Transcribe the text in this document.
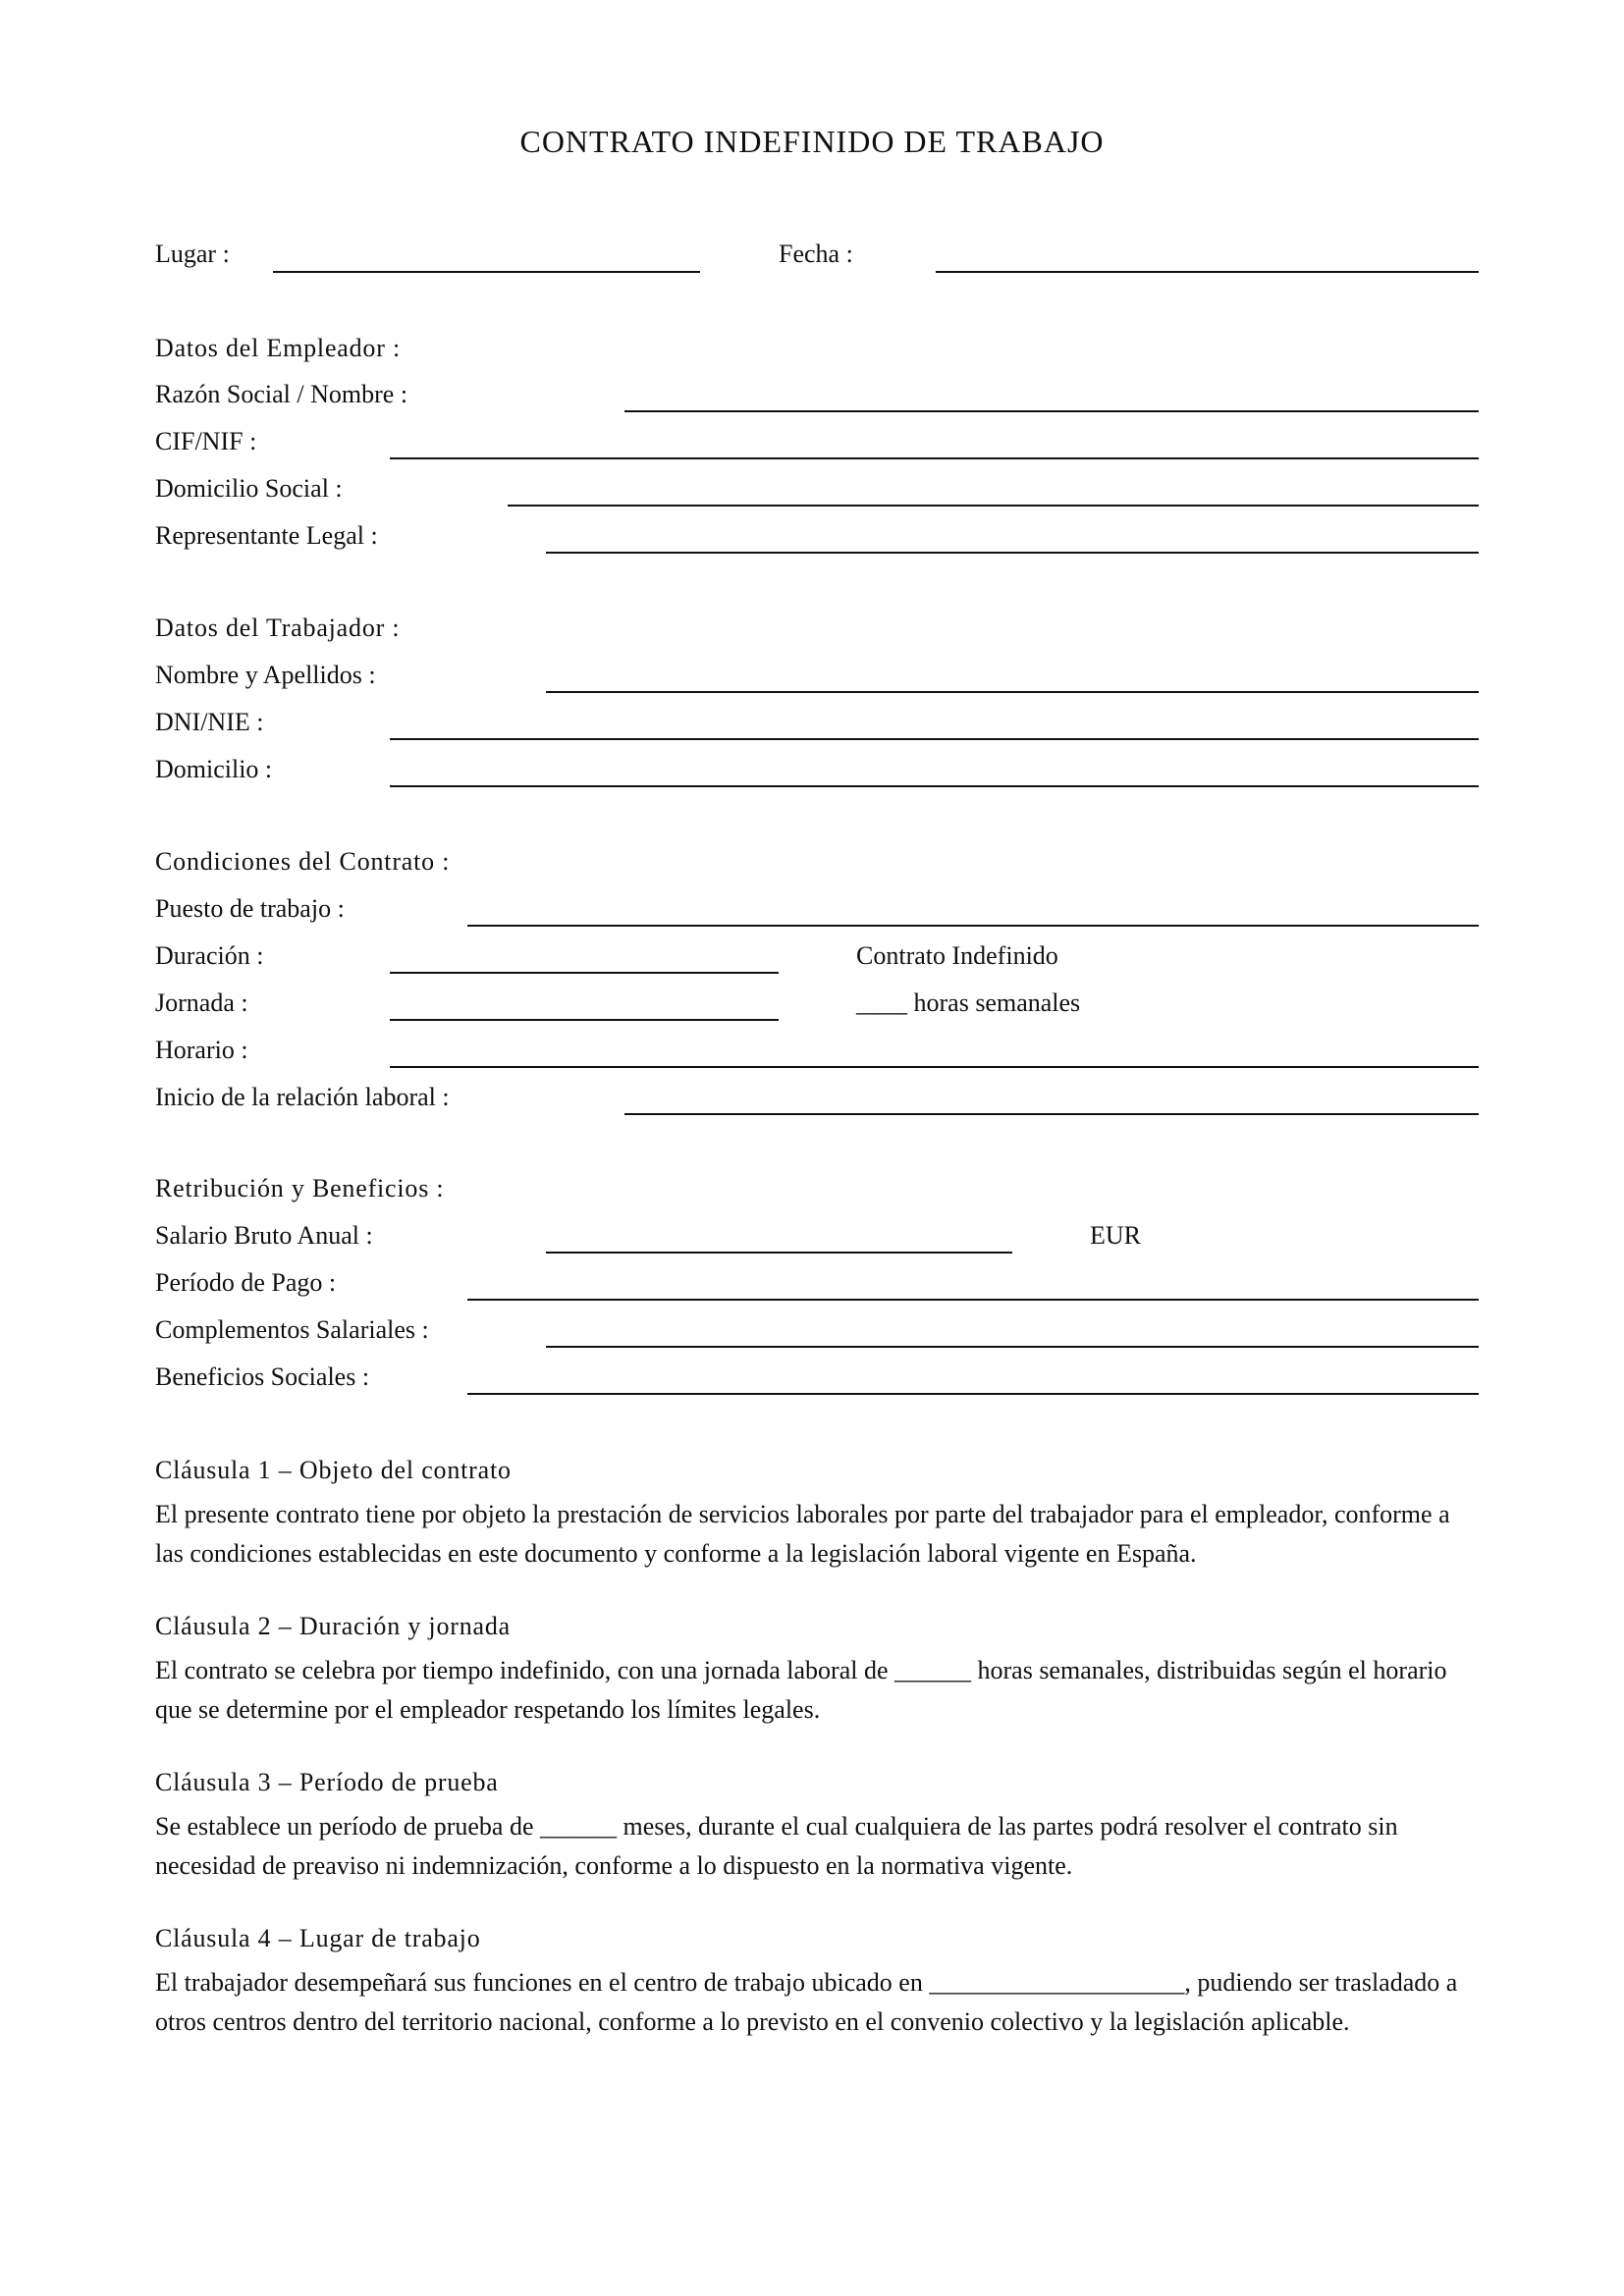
CONTRATO INDEFINIDO DE TRABAJO
Lugar :	Fecha :
Datos del Empleador :
Razón Social / Nombre :
CIF/NIF :
Domicilio Social :
Representante Legal :
Datos del Trabajador :
Nombre y Apellidos :
DNI/NIE :
Domicilio :
Condiciones del Contrato :
Puesto de trabajo :
Duración :	Contrato Indefinido
Jornada :	____ horas semanales
Horario :
Inicio de la relación laboral :
Retribución y Beneficios :
Salario Bruto Anual :	EUR
Período de Pago :
Complementos Salariales :
Beneficios Sociales :
Cláusula 1 – Objeto del contrato

El presente contrato tiene por objeto la prestación de servicios laborales por parte del trabajador para el empleador, conforme a las condiciones establecidas en este documento y conforme a la legislación laboral vigente en España.

Cláusula 2 – Duración y jornada

El contrato se celebra por tiempo indefinido, con una jornada laboral de ______ horas semanales, distribuidas según el horario que se determine por el empleador respetando los límites legales.

Cláusula 3 – Período de prueba

Se establece un período de prueba de ______ meses, durante el cual cualquiera de las partes podrá resolver el contrato sin necesidad de preaviso ni indemnización, conforme a lo dispuesto en la normativa vigente.

Cláusula 4 – Lugar de trabajo

El trabajador desempeñará sus funciones en el centro de trabajo ubicado en ____________________, pudiendo ser trasladado a otros centros dentro del territorio nacional, conforme a lo previsto en el convenio colectivo y la legislación aplicable.
